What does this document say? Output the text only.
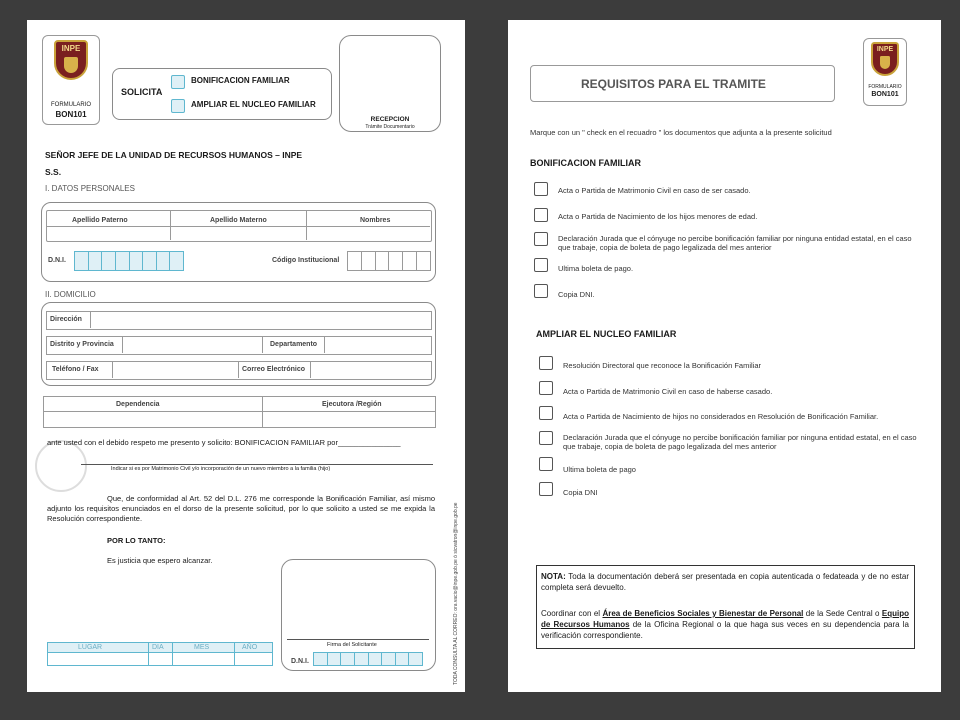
INPE
FORMULARIO
BON101
SOLICITA
BONIFICACION FAMILIAR
AMPLIAR EL NUCLEO FAMILIAR
RECEPCION
Trámite Documentario
SEÑOR JEFE DE LA UNIDAD DE RECURSOS HUMANOS – INPE
S.S.
I. DATOS PERSONALES
Apellido Paterno	Apellido Materno	Nombres
D.N.I.	Código Institucional
II. DOMICILIO
Dirección
Distrito y Provincia	Departamento
Teléfono / Fax	Correo Electrónico
Dependencia	Ejecutora /Región
ante usted con el debido respeto me presento y solicito: BONIFICACION FAMILIAR por_______________
Indicar si es por Matrimonio Civil y/o incorporación de un nuevo miembro a la familia (hijo)
Que, de conformidad al Art. 52 del D.L. 276 me corresponde la Bonificación Familiar, así mismo adjunto los requisitos enunciados en el dorso de la presente solicitud, por lo que solicito a usted se me expida la Resolución correspondiente.
POR LO TANTO:
Es justicia que espero alcanzar.
Firma del Solicitante
D.N.I.
LUGAR	DIA	MES	AÑO	TODA CONSULTA AL CORREO: ora.vacio@inpe.gob.pe ó sicvatron@inpe.gob.pe
REQUISITOS PARA EL TRAMITE
INPE
FORMULARIO
BON101
Marque con un " check en el recuadro " los documentos que adjunta a la presente solicitud
BONIFICACION FAMILIAR
Acta o Partida de Matrimonio Civil en caso de ser casado.
Acta o Partida de Nacimiento de los hijos menores de edad.
Declaración Jurada que el cónyuge no percibe bonificación familiar por ninguna entidad estatal, en el caso que trabaje, copia de boleta de pago legalizada del mes anterior
Ultima boleta de pago.
Copia DNI.
AMPLIAR EL NUCLEO FAMILIAR
Resolución Directoral que reconoce la Bonificación Familiar
Acta o Partida de Matrimonio Civil en caso de haberse casado.
Acta o Partida de Nacimiento de hijos no considerados en Resolución de Bonificación Familiar.
Declaración Jurada que el cónyuge no percibe bonificación familiar por ninguna entidad estatal, en el caso que trabaje, copia de boleta de pago legalizada del mes anterior
Ultima boleta de pago
Copia DNI
NOTA: Toda la documentación deberá ser presentada en copia autenticada o fedateada y de no estar completa será devuelto.
Coordinar con el Área de Beneficios Sociales y Bienestar de Personal de la Sede Central o Equipo de Recursos Humanos de la Oficina Regional o la que haga sus veces en su dependencia para la verificación correspondiente.
